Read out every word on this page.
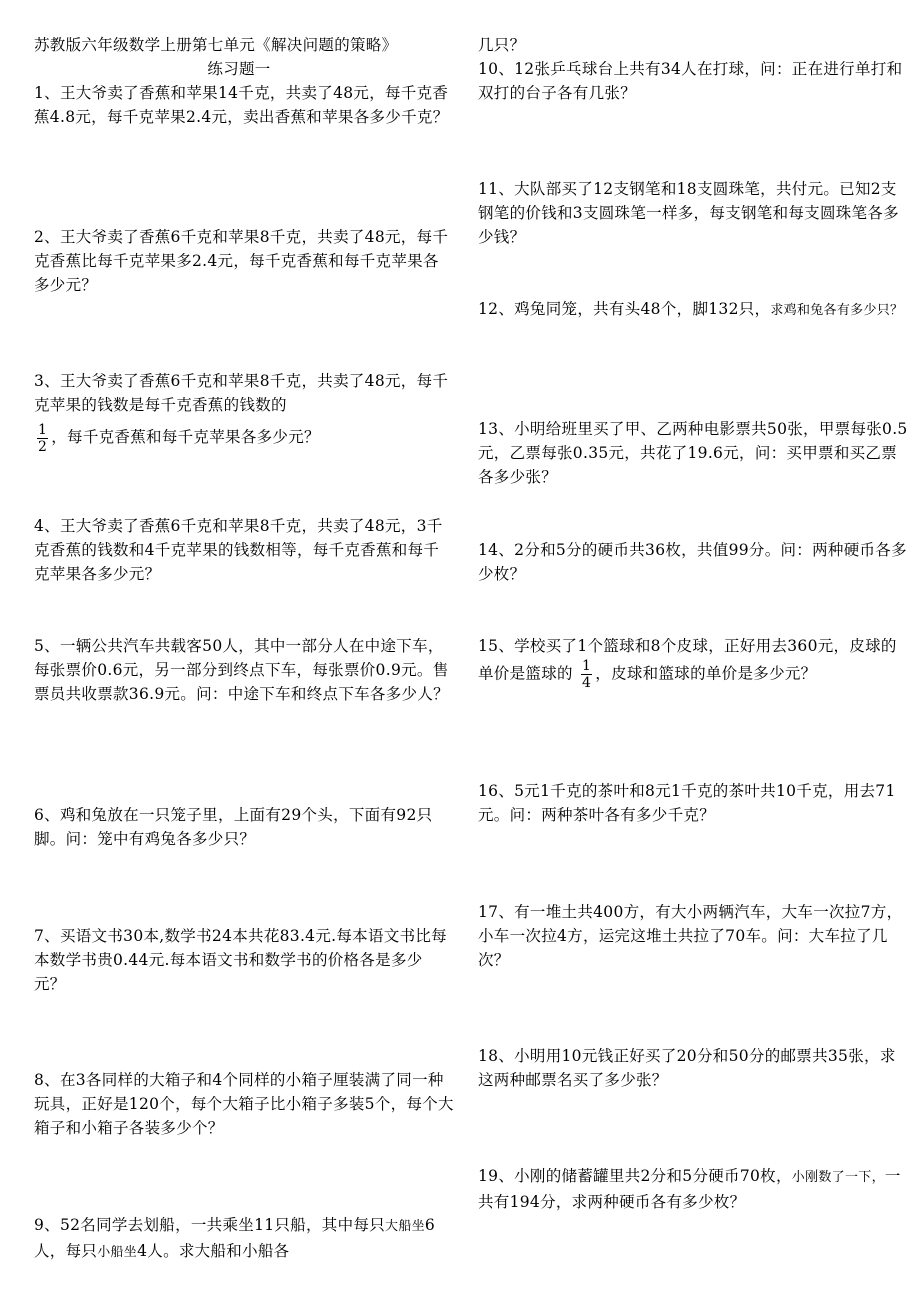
苏教版六年级数学上册第七单元《解决问题的策略》
练习题一
1、王大爷卖了香蕉和苹果14千克，共卖了48元，每千克香蕉4.8元，每千克苹果2.4元，卖出香蕉和苹果各多少千克？
2、王大爷卖了香蕉6千克和苹果8千克，共卖了48元，每千克香蕉比每千克苹果多2.4元，每千克香蕉和每千克苹果各多少元？
3、王大爷卖了香蕉6千克和苹果8千克，共卖了48元，每千克苹果的钱数是每千克香蕉的钱数的

$\frac{1}{2}$ ，每千克香蕉和每千克苹果各多少元？
4、王大爷卖了香蕉6千克和苹果8千克，共卖了48元，3千克香蕉的钱数和4千克苹果的钱数相等，每千克香蕉和每千克苹果各多少元？
5、一辆公共汽车共载客50人，其中一部分人在中途下车，每张票价0.6元，另一部分到终点下车，每张票价0.9元。售票员共收票款36.9元。问：中途下车和终点下车各多少人？
6、鸡和兔放在一只笼子里，上面有29个头，下面有92只脚。问：笼中有鸡兔各多少只？
7、买语文书30本,数学书24本共花83.4元.每本语文书比每本数学书贵0.44元.每本语文书和数学书的价格各是多少元？
8、在3各同样的大箱子和4个同样的小箱子厘装满了同一种玩具，正好是120个，每个大箱子比小箱子多装5个，每个大箱子和小箱子各装多少个？
9、52名同学去划船，一共乘坐11只船，其中每只大船坐6人，每只小船坐4人。求大船和小船各
几只？
10、12张乒乓球台上共有34人在打球，问：正在进行单打和双打的台子各有几张？
11、大队部买了12支钢笔和18支圆珠笔，共付元。已知2支钢笔的价钱和3支圆珠笔一样多，每支钢笔和每支圆珠笔各多少钱？
12、鸡兔同笼，共有头48个，脚132只，求鸡和兔各有多少只？
13、小明给班里买了甲、乙两种电影票共50张，甲票每张0.5元，乙票每张0.35元，共花了19.6元，问：买甲票和买乙票各多少张？
14、2分和5分的硬币共36枚，共值99分。问：两种硬币各多少枚？
15、学校买了1个篮球和8个皮球，正好用去360元，皮球的单价是篮球的 $\frac{1}{4}$ ，皮球和篮球的单价是多少元？
16、5元1千克的茶叶和8元1千克的茶叶共10千克，用去71元。问：两种茶叶各有多少千克？
17、有一堆土共400方，有大小两辆汽车，大车一次拉7方，小车一次拉4方，运完这堆土共拉了70车。问：大车拉了几次？
18、小明用10元钱正好买了20分和50分的邮票共35张，求这两种邮票名买了多少张？
19、小刚的储蓄罐里共2分和5分硬币70枚，小刚数了一下，一共有194分，求两种硬币各有多少枚？
